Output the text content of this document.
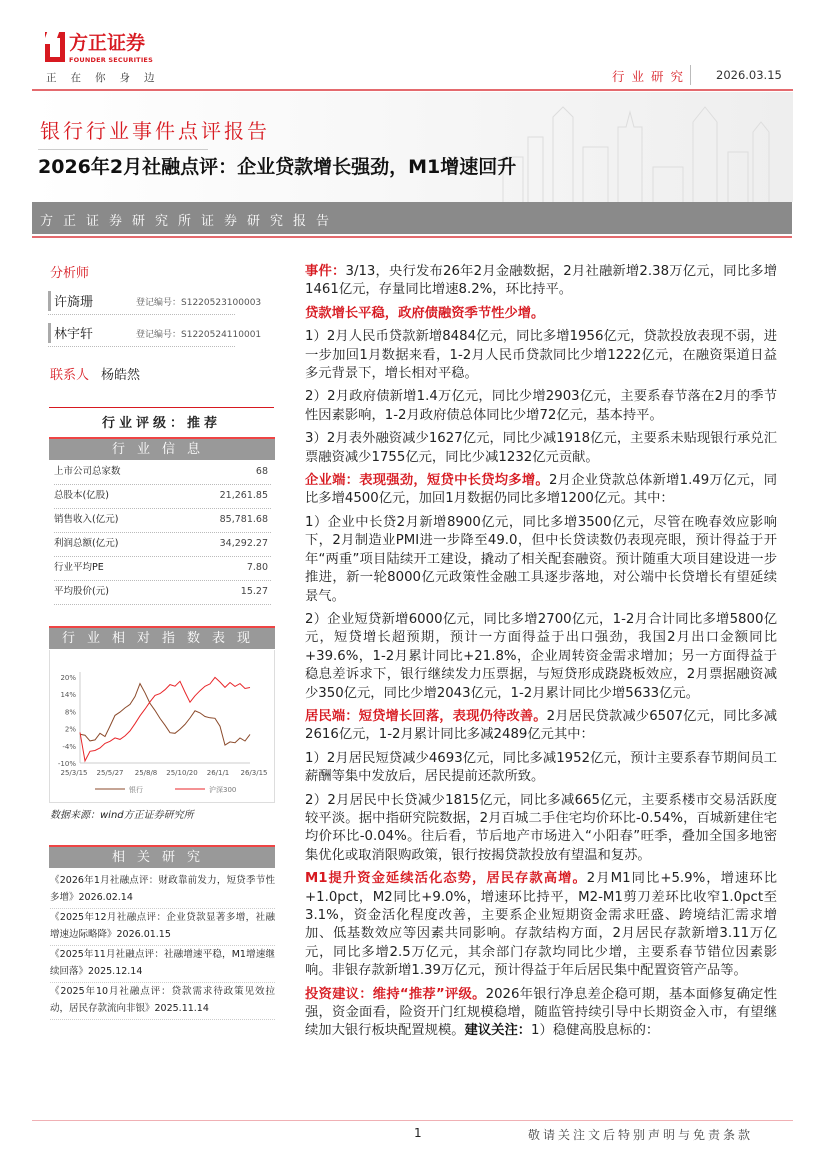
方正证券
FOUNDER SECURITIES
正在你身边	行业研究 2026.03.15
银行行业事件点评报告
2026年2月社融点评：企业贷款增长强劲，M1增速回升
方正证券研究所证券研究报告
分析师
许旖珊	登记编号：S1220523100003
林宇轩	登记编号：S1220524110001
联系人 杨皓然
行业评级：推荐
行业信息
上市公司总家数	68
总股本(亿股)	21,261.85
销售收入(亿元)	85,781.68
利润总额(亿元)	34,292.27
行业平均PE	7.80
平均股价(元)	15.27
行业相对指数表现
20%
14%
8%
2%
-4%
-10%
25/3/15 25/5/27 25/8/8 25/10/20 26/1/1 26/3/15
银行	沪深300
数据来源：wind方正证券研究所
相关研究
《2026年1月社融点评：财政靠前发力，短贷季节性多增》2026.02.14
《2025年12月社融点评：企业贷款显著多增，社融增速边际略降》2026.01.15
《2025年11月社融点评：社融增速平稳，M1增速继续回落》2025.12.14
《2025年10月社融点评：贷款需求待政策见效拉动，居民存款流向非银》2025.11.14

事件：3/13，央行发布26年2月金融数据，2月社融新增2.38万亿元，同比多增1461亿元，存量同比增速8.2%，环比持平。

贷款增长平稳，政府债融资季节性少增。

1）2月人民币贷款新增8484亿元，同比多增1956亿元，贷款投放表现不弱，进一步加回1月数据来看，1-2月人民币贷款同比少增1222亿元，在融资渠道日益多元背景下，增长相对平稳。

2）2月政府债新增1.4万亿元，同比少增2903亿元，主要系春节落在2月的季节性因素影响，1-2月政府债总体同比少增72亿元，基本持平。

3）2月表外融资减少1627亿元，同比少减1918亿元，主要系未贴现银行承兑汇票融资减少1755亿元，同比少减1232亿元贡献。

企业端：表现强劲，短贷中长贷均多增。2月企业贷款总体新增1.49万亿元，同比多增4500亿元，加回1月数据仍同比多增1200亿元。其中：

1）企业中长贷2月新增8900亿元，同比多增3500亿元，尽管在晚春效应影响下，2月制造业PMI进一步降至49.0，但中长贷读数仍表现亮眼，预计得益于开年“两重”项目陆续开工建设，撬动了相关配套融资。预计随重大项目建设进一步推进，新一轮8000亿元政策性金融工具逐步落地，对公端中长贷增长有望延续景气。

2）企业短贷新增6000亿元，同比多增2700亿元，1-2月合计同比多增5800亿元，短贷增长超预期，预计一方面得益于出口强劲，我国2月出口金额同比+39.6%，1-2月累计同比+21.8%，企业周转资金需求增加；另一方面得益于稳息差诉求下，银行继续发力压票据，与短贷形成跷跷板效应，2月票据融资减少350亿元，同比少增2043亿元，1-2月累计同比少增5633亿元。

居民端：短贷增长回落，表现仍待改善。2月居民贷款减少6507亿元，同比多减2616亿元，1-2月累计同比多减2489亿元其中：

1）2月居民短贷减少4693亿元，同比多减1952亿元，预计主要系春节期间员工薪酬等集中发放后，居民提前还款所致。

2）2月居民中长贷减少1815亿元，同比多减665亿元，主要系楼市交易活跃度较平淡。据中指研究院数据，2月百城二手住宅均价环比-0.54%，百城新建住宅均价环比-0.04%。往后看，节后地产市场进入“小阳春”旺季，叠加全国多地密集优化或取消限购政策，银行按揭贷款投放有望温和复苏。

M1提升资金延续活化态势，居民存款高增。2月M1同比+5.9%，增速环比+1.0pct，M2同比+9.0%，增速环比持平，M2-M1剪刀差环比收窄1.0pct至3.1%，资金活化程度改善，主要系企业短期资金需求旺盛、跨境结汇需求增加、低基数效应等因素共同影响。存款结构方面，2月居民存款新增3.11万亿元，同比多增2.5万亿元，其余部门存款均同比少增，主要系春节错位因素影响。非银存款新增1.39万亿元，预计得益于年后居民集中配置资管产品等。

投资建议：维持“推荐”评级。2026年银行净息差企稳可期，基本面修复确定性强，资金面看，险资开门红规模稳增，随监管持续引导中长期资金入市，有望继续加大银行板块配置规模。建议关注：1）稳健高股息标的：

1	敬请关注文后特别声明与免责条款
